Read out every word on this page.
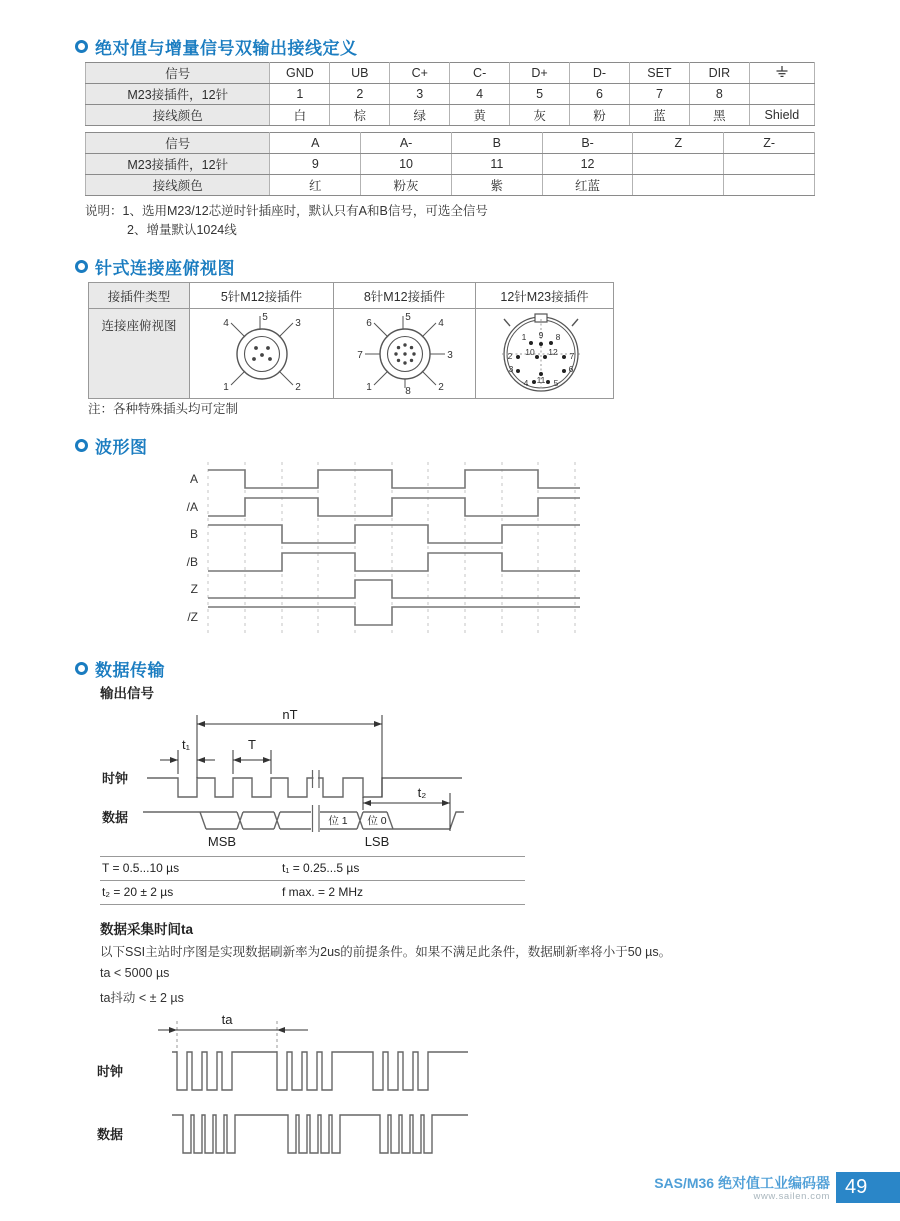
绝对值与增量信号双输出接线定义
信号	GND	UB	C+	C-	D+	D-	SET	DIR	
M23接插件，12针	1	2	3	4	5	6	7	8	
接线颜色	白	棕	绿	黄	灰	粉	蓝	黑	Shield
信号	A	A-	B	B-	Z	Z-
M23接插件，12针	9	10	11	12		
接线颜色	红	粉灰	紫	红蓝		
说明：1、选用M23/12芯逆时针插座时，默认只有A和B信号，可选全信号
2、增量默认1024线
针式连接座俯视图
接插件类型	5针M12接插件	8针M12接插件	12针M23接插件
连接座俯视图	
5
4	3
1	2

5
6	4
7	3
1	2
8

1 9 8
2 10 12 7
3	6
4 11 5
注：各种特殊插头均可定制
波形图
A
/A
B
/B
Z
/Z
数据传输
输出信号
nT
t₁	T
t₂
时钟
数据	位 1 位 0
MSB	LSB
T = 0.5...10 µs	t₁ = 0.25...5 µs
t₂ = 20 ± 2 µs	f max. = 2 MHz
数据采集时间ta
以下SSI主站时序图是实现数据刷新率为2us的前提条件。如果不满足此条件，数据刷新率将小于50 µs。
ta < 5000 µs
ta抖动 < ± 2 µs
ta
时钟
数据
SAS/M36 绝对值工业编码器
www.sailen.com 49
